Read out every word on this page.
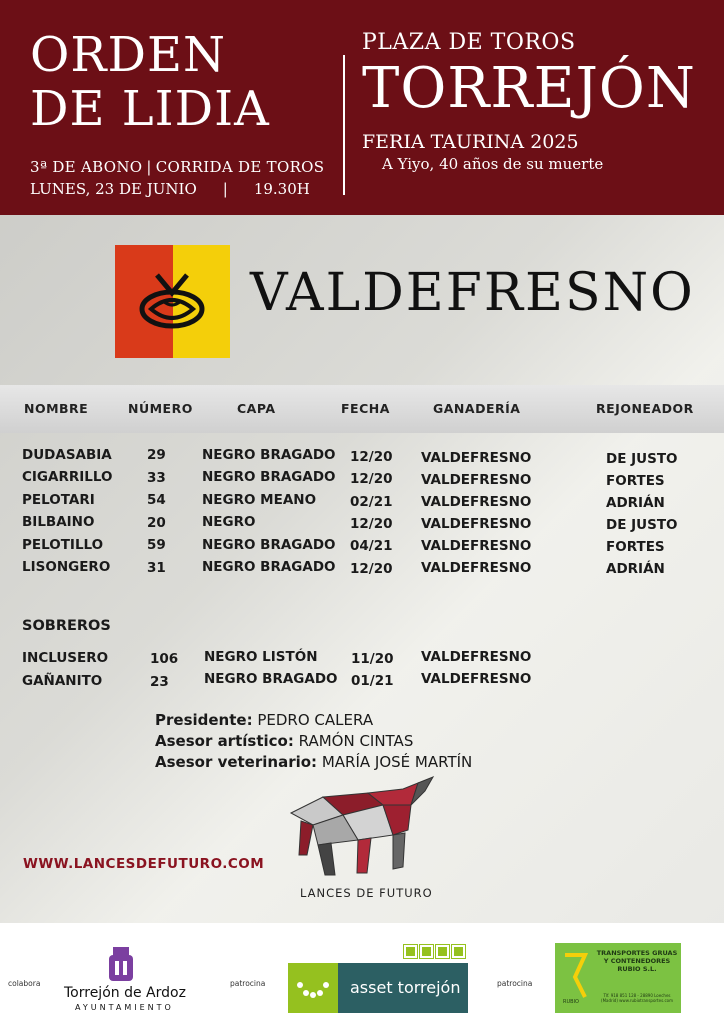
ORDEN
DE LIDIA
3ª DE ABONO | CORRIDA DE TOROS
LUNES, 23 DE JUNIO | 19.30H
PLAZA DE TOROS
TORREJÓN
FERIA TAURINA 2025
A Yiyo, 40 años de su muerte
VALDEFRESNO
NOMBRE	NÚMERO	CAPA	FECHA	GANADERÍA	REJONEADOR
DUDASABIA	29	NEGRO BRAGADO 12/20 VALDEFRESNO	DE JUSTO
CIGARRILLO	33	NEGRO BRAGADO 12/20 VALDEFRESNO	FORTES
PELOTARI	54	NEGRO MEANO	02/21 VALDEFRESNO	ADRIÁN
BILBAINO	20	NEGRO	12/20 VALDEFRESNO	DE JUSTO
PELOTILLO	59	NEGRO BRAGADO 04/21 VALDEFRESNO	FORTES
LISONGERO	31	NEGRO BRAGADO 12/20 VALDEFRESNO	ADRIÁN
SOBREROS
INCLUSERO	106 NEGRO LISTÓN 11/20 VALDEFRESNO
GAÑANITO	23	NEGRO BRAGADO 01/21 VALDEFRESNO
Presidente: PEDRO CALERA
Asesor artístico: RAMÓN CINTAS
Asesor veterinario: MARÍA JOSÉ MARTÍN
WWW.LANCESDEFUTURO.COM
LANCES DE FUTURO
colabora
Torrejón de Ardoz
AYUNTAMIENTO
patrocina	asset torrejón	patrocina
RUBIO
TRANSPORTES GRUAS Y CONTENEDORES RUBIO S.L.
Tlf. 918 851 128 - 28890 Loeches (Madrid) www.rubiotransportes.com
